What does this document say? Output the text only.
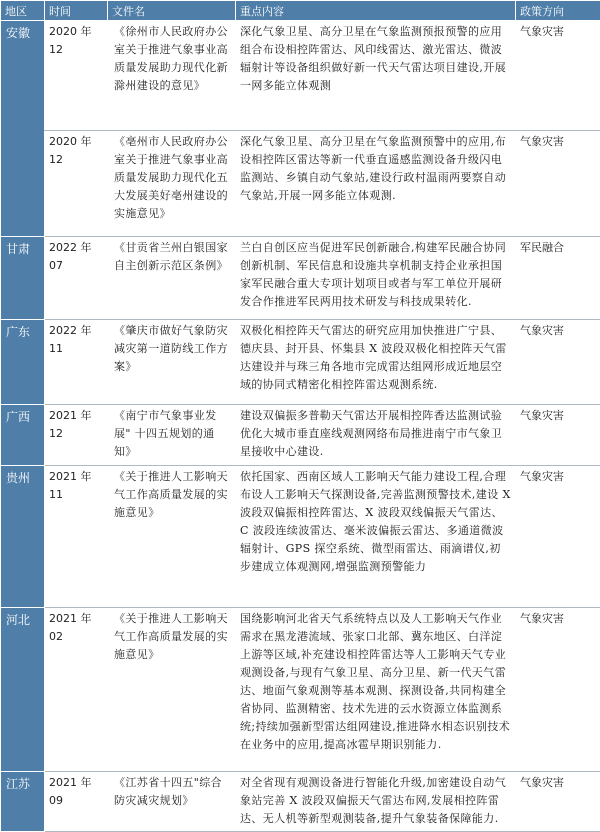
地区	时间	文件名	重点内容	政策方向
安徽	2020 年 12	《徐州市人民政府办公室关于推进气象事业高质量发展助力现代化新滁州建设的意见》	深化气象卫星、高分卫星在气象监测预报预警的应用组合布设相控阵雷达、风印线雷达、激光雷达、微波辐射计等设备组织做好新一代天气雷达项目建设,开展一网多能立体观测	气象灾害
	2020 年 12	《亳州市人民政府办公室关于推进气象事业高质量发展助力现代化五大发展美好亳州建设的实施意见》	深化气象卫星、高分卫星在气象监测预警中的应用,布设相控阵区雷达等新一代垂直遥感监测设备升级闪电监测站、乡镇自动气象站,建设行政村温雨两要察自动气象站,开展一网多能立体观测.	气象灾害
甘肃	2022 年 07	《甘贡省兰州白银国家自主创新示范区条例》	兰白自创区应当促进军民创新融合,构建军民融合协同创新机制、军民信息和设施共享机制支持企业承担国家军民融合重大专项计划项目或者与军工单位开展研发合作推进军民两用技术研发与科技成果转化.	军民融合
广东	2022 年 11	《肇庆市做好气象防灾减灾第一道防线工作方案》	双极化相控阵天气雷达的研究应用加快推进广宁县、德庆县、封开县、怀集县 X 波段双极化相控阵天气雷达建设并与珠三角各地市完成雷达组网形成近地层空域的协同式精密化相控阵雷达观测系统.	气象灾害
广西	2021 年 12	《南宁市气象事业发展" 十四五规划的通知》	建设双偏振多普勒天气雷达开展相控阵香达监测试验优化大城市垂直座线观测网络布局推进南宁市气象卫星接收中心建设.	气象灾害
贵州	2021 年 11	《关于推进人工影响天气工作高质量发展的实施意见》	依托国家、西南区域人工影响天气能力建设工程,合理布设人工影响天气探测设备,完善监测预警技术,建设 X 波段双偏振相控阵雷达、X 波段双线偏振天气雷达、C 波段连续波雷达、毫米波偏振云雷达、多通道微波辐射计、GPS 探空系统、微型雨雷达、雨滴谱仪,初步建成立体观测网,增强监测预警能力	气象灾害
河北	2021 年 02	《关于推进人工影响天气工作高质量发展的实施意见》	国绕影响河北省天气系统特点以及人工影响天气作业需求在黑龙港流域、张家口北部、冀东地区、白洋淀上游等区域,补充建设相控阵雷达等人工影响天气专业观测设备,与现有气象卫星、高分卫星、新一代天气雷达、地面气象观测等基本观测、探测设备,共同构建全省协同、监测精密、技术先进的云水资源立体监测系统;持续加强新型雷达组网建设,推进降水相态识别技术在业务中的应用,提高冰雹早期识别能力.	气象灾害
江苏	2021 年 09	《江苏省十四五"综合防灾减灾规划》	对全省现有观测设备进行智能化升级,加密建设自动气象站完善 X 波段双偏振天气雷达布网,发展相控阵雷达、无人机等新型观测装备,提升气象装备保障能力.	气象灾害
